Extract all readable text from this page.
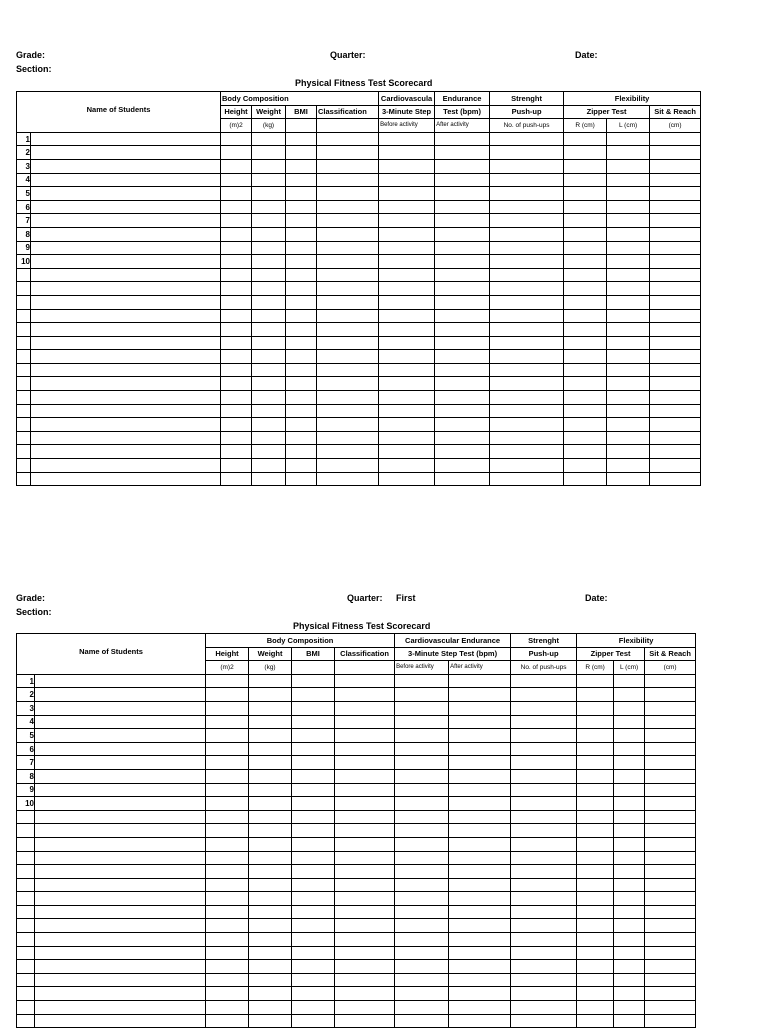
Grade:
Section:
Quarter:	Date:
Physical Fitness Test Scorecard
Name of Students		Body Composition				Cardiovascula	Endurance	Strenght	Flexibility		
		Height	Weight	BMI	Classification	3-Minute Step	Test (bpm)	Push-up	Zipper Test		Sit & Reach
		(m)2	(kg)			Before activity	After activity	No. of push-ups	R (cm)	L (cm)	(cm)
1											
2											
3											
4											
5											
6											
7											
8											
9											
10											

Grade:
Section:
Quarter: First	Date:
Physical Fitness Test Scorecard
Name of Students		Body Composition				Cardiovascular Endurance		Strenght	Flexibility		
		Height	Weight	BMI	Classification	3-Minute Step Test (bpm)		Push-up	Zipper Test		Sit & Reach
		(m)2	(kg)			Before activity	After activity	No. of push-ups	R (cm)	L (cm)	(cm)
1											
2											
3											
4											
5											
6											
7											
8											
9											
10											
